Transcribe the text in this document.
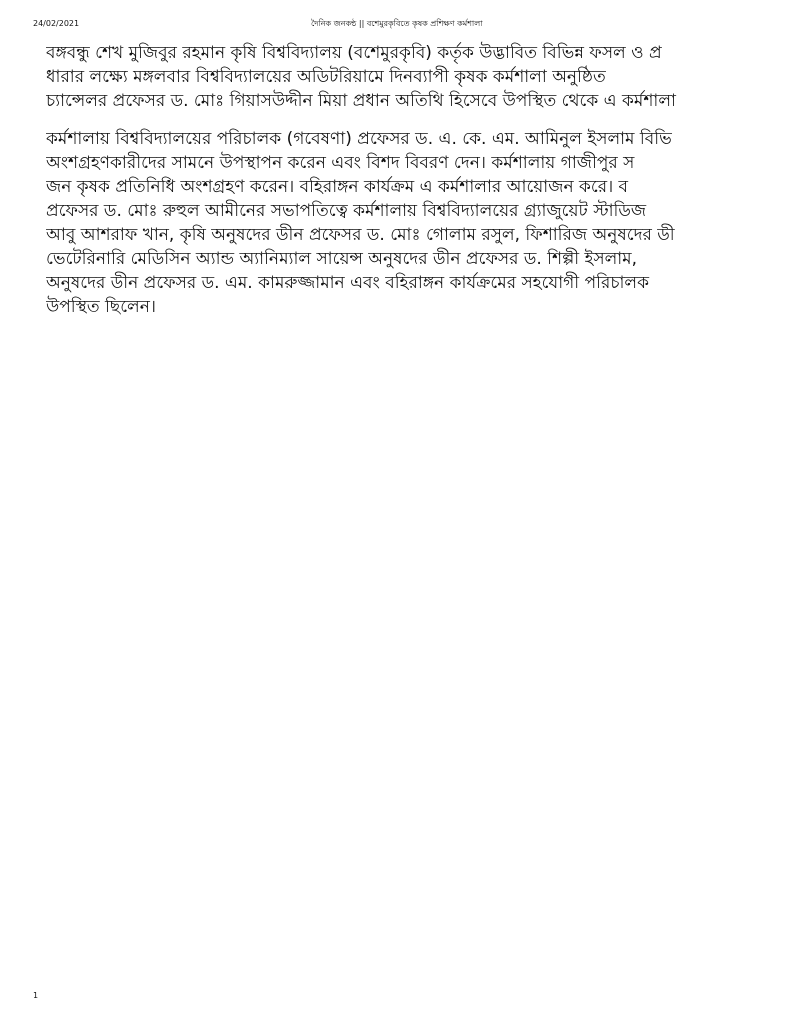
24/02/2021	দৈনিক জনকন্ঠ || বশেমুরকৃবিতে কৃষক প্রশিক্ষণ কর্মশালা

বঙ্গবন্ধু শেখ মুজিবুর রহমান কৃষি বিশ্ববিদ্যালয় (বশেমুরকৃবি) কর্তৃক উদ্ভাবিত বিভিন্ন ফসল ও প্র
ধারার লক্ষ্যে মঙ্গলবার বিশ্ববিদ্যালয়ের অডিটরিয়ামে দিনব্যাপী কৃষক কর্মশালা অনুষ্ঠিত
চ্যান্সেলর প্রফেসর ড. মোঃ গিয়াসউদ্দীন মিয়া প্রধান অতিথি হিসেবে উপস্থিত থেকে এ কর্মশালা

কর্মশালায় বিশ্ববিদ্যালয়ের পরিচালক (গবেষণা) প্রফেসর ড. এ. কে. এম. আমিনুল ইসলাম বিভি
অংশগ্রহণকারীদের সামনে উপস্থাপন করেন এবং বিশদ বিবরণ দেন। কর্মশালায় গাজীপুর স
জন কৃষক প্রতিনিধি অংশগ্রহণ করেন। বহিরাঙ্গন কার্যক্রম এ কর্মশালার আয়োজন করে। ব
প্রফেসর ড. মোঃ রুহুল আমীনের সভাপতিত্বে কর্মশালায় বিশ্ববিদ্যালয়ের গ্র্যাজুয়েট স্টাডিজ
আবু আশরাফ খান, কৃষি অনুষদের ডীন প্রফেসর ড. মোঃ গোলাম রসুল, ফিশারিজ অনুষদের ডী
ভেটেরিনারি মেডিসিন অ্যান্ড অ্যানিম্যাল সায়েন্স অনুষদের ডীন প্রফেসর ড. শিল্পী ইসলাম,
অনুষদের ডীন প্রফেসর ড. এম. কামরুজ্জামান এবং বহিরাঙ্গন কার্যক্রমের সহযোগী পরিচালক
উপস্থিত ছিলেন।

1
